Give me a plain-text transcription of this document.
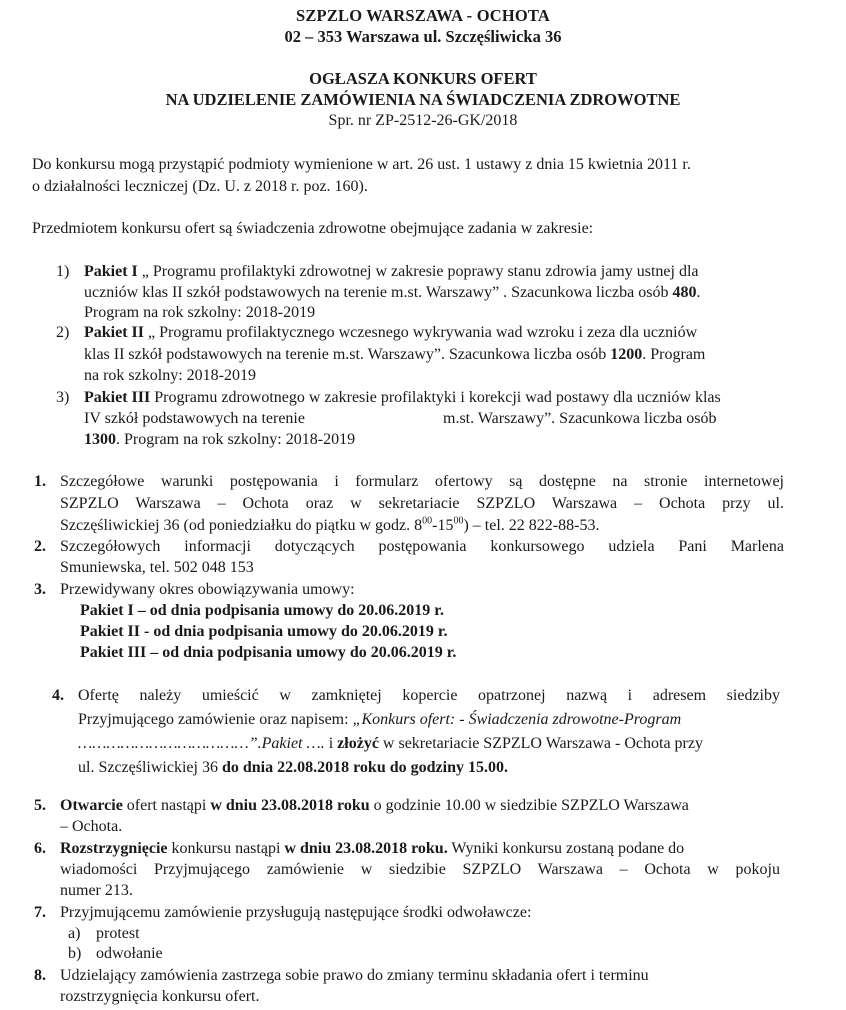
SZPZLO WARSZAWA - OCHOTA
02 – 353 Warszawa ul. Szczęśliwicka 36
OGŁASZA KONKURS OFERT
NA UDZIELENIE ZAMÓWIENIA NA ŚWIADCZENIA ZDROWOTNE
Spr. nr ZP-2512-26-GK/2018
Do konkursu mogą przystąpić podmioty wymienione w art. 26 ust. 1 ustawy z dnia 15 kwietnia 2011 r.
o działalności leczniczej (Dz. U. z 2018 r. poz. 160).
Przedmiotem konkursu ofert są świadczenia zdrowotne obejmujące zadania w zakresie:
1) Pakiet I „ Programu profilaktyki zdrowotnej w zakresie poprawy stanu zdrowia jamy ustnej dla
uczniów klas II szkół podstawowych na terenie m.st. Warszawy” . Szacunkowa liczba osób 480.
Program na rok szkolny: 2018-2019
2) Pakiet II „ Programu profilaktycznego wczesnego wykrywania wad wzroku i zeza dla uczniów
klas II szkół podstawowych na terenie m.st. Warszawy”. Szacunkowa liczba osób 1200. Program
na rok szkolny: 2018-2019
3) Pakiet III Programu zdrowotnego w zakresie profilaktyki i korekcji wad postawy dla uczniów klas
IV szkół podstawowych na terenie	m.st. Warszawy”. Szacunkowa liczba osób
1300. Program na rok szkolny: 2018-2019
1. Szczegółowe warunki postępowania i formularz ofertowy są dostępne na stronie internetowej
SZPZLO Warszawa – Ochota oraz w sekretariacie SZPZLO Warszawa – Ochota przy ul.
Szczęśliwickiej 36 (od poniedziałku do piątku w godz. $8^{00}-15^{00}$) – tel. 22 822-88-53.
2. Szczegółowych informacji dotyczących postępowania konkursowego udziela Pani Marlena
Smuniewska, tel. 502 048 153
3. Przewidywany okres obowiązywania umowy:
Pakiet I – od dnia podpisania umowy do 20.06.2019 r.
Pakiet II - od dnia podpisania umowy do 20.06.2019 r.
Pakiet III – od dnia podpisania umowy do 20.06.2019 r.
4. Ofertę należy umieścić w zamkniętej kopercie opatrzonej nazwą i adresem siedziby
Przyjmującego zamówienie oraz napisem: „Konkurs ofert: - Świadczenia zdrowotne-Program
………………………………”.Pakiet …. i złożyć w sekretariacie SZPZLO Warszawa - Ochota przy
ul. Szczęśliwickiej 36 do dnia 22.08.2018 roku do godziny 15.00.
5. Otwarcie ofert nastąpi w dniu 23.08.2018 roku o godzinie 10.00 w siedzibie SZPZLO Warszawa
– Ochota.
6. Rozstrzygnięcie konkursu nastąpi w dniu 23.08.2018 roku. Wyniki konkursu zostaną podane do
wiadomości Przyjmującego zamówienie w siedzibie SZPZLO Warszawa – Ochota w pokoju
numer 213.
7. Przyjmującemu zamówienie przysługują następujące środki odwoławcze:
a) protest
b) odwołanie
8. Udzielający zamówienia zastrzega sobie prawo do zmiany terminu składania ofert i terminu
rozstrzygnięcia konkursu ofert.
